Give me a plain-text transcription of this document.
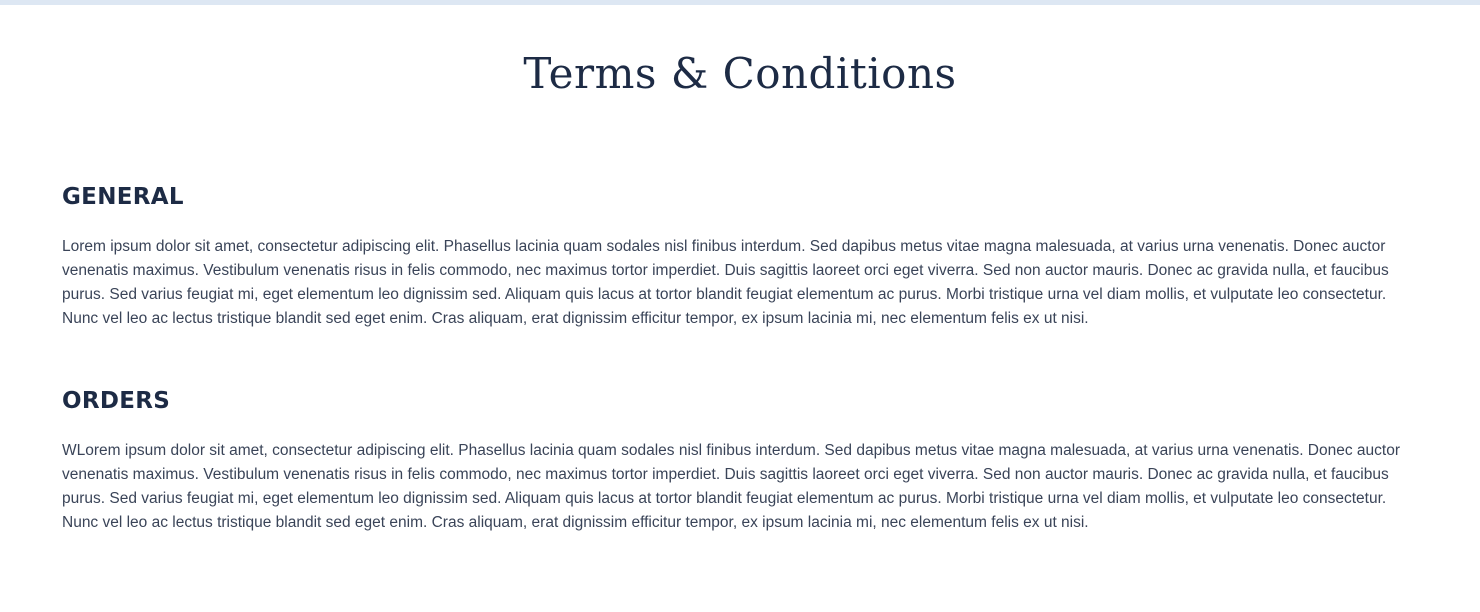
Terms & Conditions
GENERAL

Lorem ipsum dolor sit amet, consectetur adipiscing elit. Phasellus lacinia quam sodales nisl finibus interdum. Sed dapibus metus vitae magna malesuada, at varius urna venenatis. Donec auctor venenatis maximus. Vestibulum venenatis risus in felis commodo, nec maximus tortor imperdiet. Duis sagittis laoreet orci eget viverra. Sed non auctor mauris. Donec ac gravida nulla, et faucibus purus. Sed varius feugiat mi, eget elementum leo dignissim sed. Aliquam quis lacus at tortor blandit feugiat elementum ac purus. Morbi tristique urna vel diam mollis, et vulputate leo consectetur. Nunc vel leo ac lectus tristique blandit sed eget enim. Cras aliquam, erat dignissim efficitur tempor, ex ipsum lacinia mi, nec elementum felis ex ut nisi.

ORDERS

WLorem ipsum dolor sit amet, consectetur adipiscing elit. Phasellus lacinia quam sodales nisl finibus interdum. Sed dapibus metus vitae magna malesuada, at varius urna venenatis. Donec auctor venenatis maximus. Vestibulum venenatis risus in felis commodo, nec maximus tortor imperdiet. Duis sagittis laoreet orci eget viverra. Sed non auctor mauris. Donec ac gravida nulla, et faucibus purus. Sed varius feugiat mi, eget elementum leo dignissim sed. Aliquam quis lacus at tortor blandit feugiat elementum ac purus. Morbi tristique urna vel diam mollis, et vulputate leo consectetur. Nunc vel leo ac lectus tristique blandit sed eget enim. Cras aliquam, erat dignissim efficitur tempor, ex ipsum lacinia mi, nec elementum felis ex ut nisi.
